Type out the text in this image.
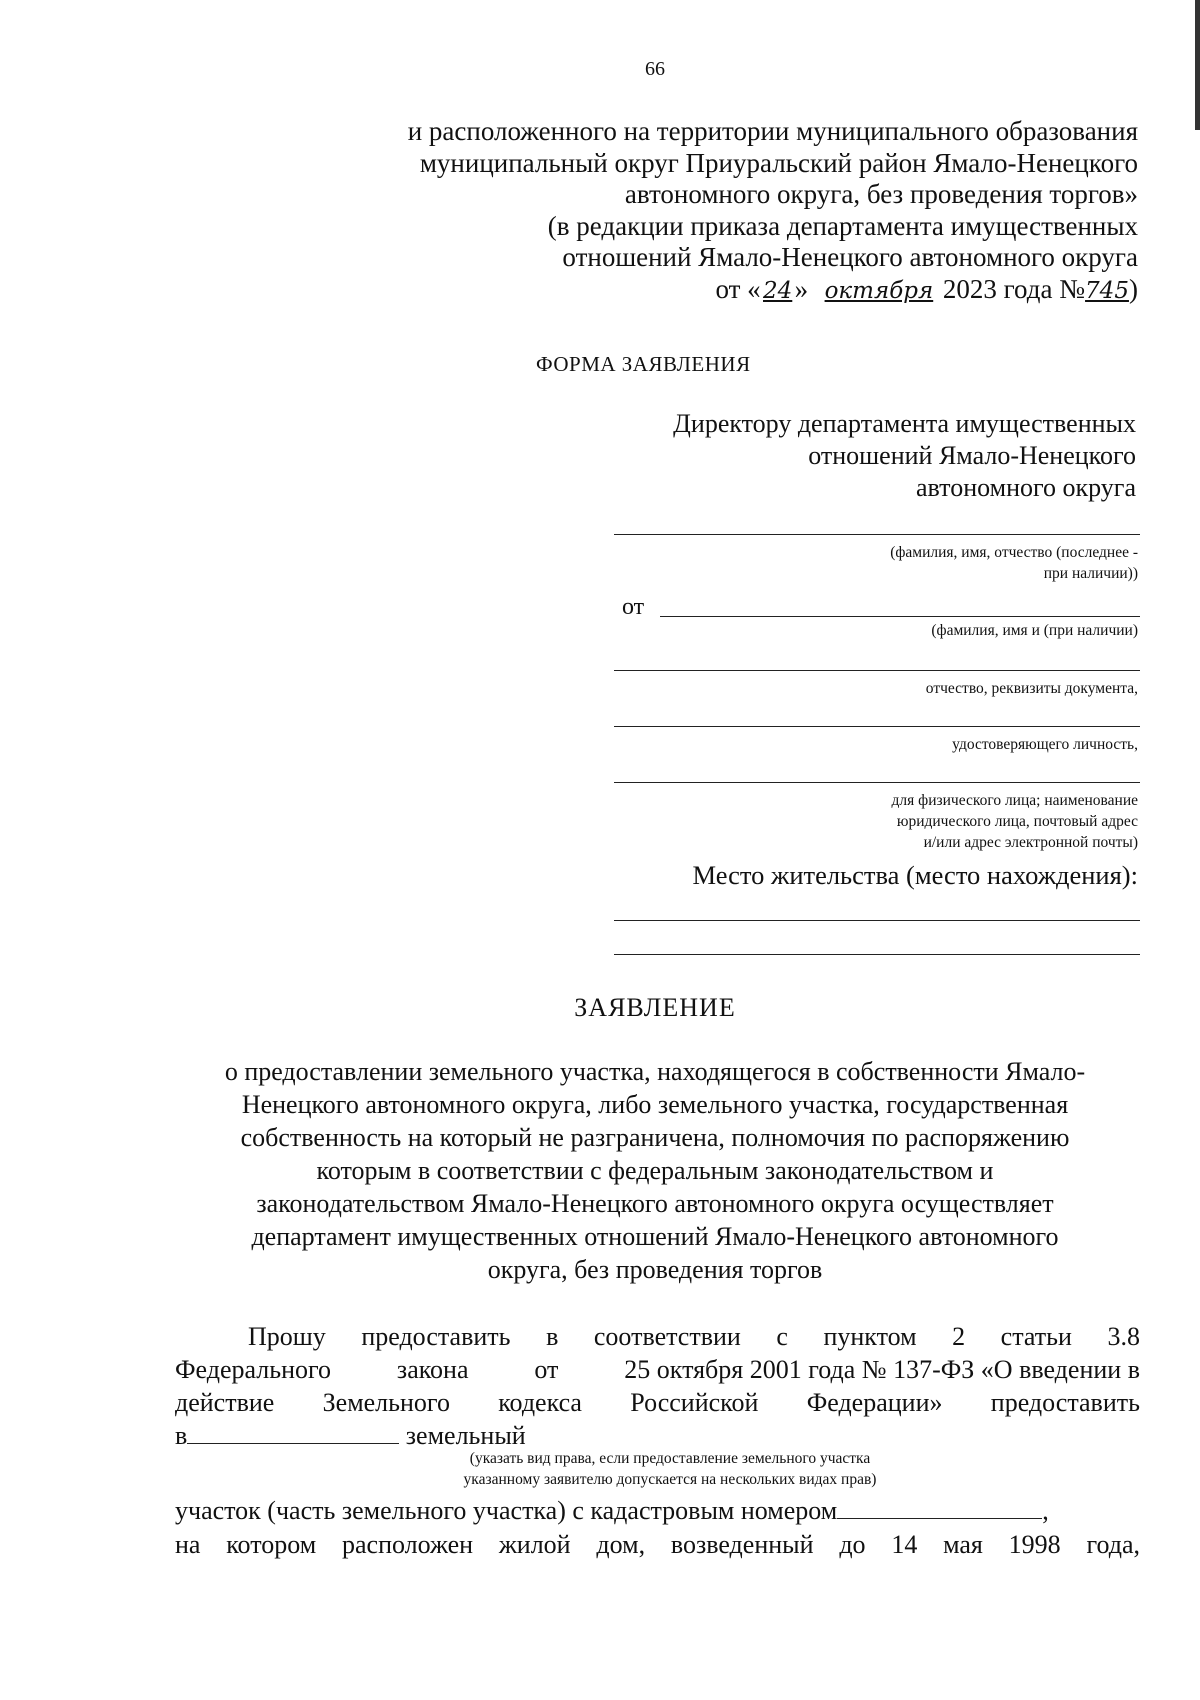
66
и расположенного на территории муниципального образования
муниципальный округ Приуральский район Ямало-Ненецкого
автономного округа, без проведения торгов»
(в редакции приказа департамента имущественных
отношений Ямало-Ненецкого автономного округа
от « 24» октября 2023 года №745)
ФОРМА ЗАЯВЛЕНИЯ
Директору департамента имущественных
отношений Ямало-Ненецкого
автономного округа
(фамилия, имя, отчество (последнее -
при наличии))
от
(фамилия, имя и (при наличии)
отчество, реквизиты документа,
удостоверяющего личность,
для физического лица; наименование
юридического лица, почтовый адрес
и/или адрес электронной почты)
Место жительства (место нахождения):
ЗАЯВЛЕНИЕ
о предоставлении земельного участка, находящегося в собственности Ямало-
Ненецкого автономного округа, либо земельного участка, государственная
собственность на который не разграничена, полномочия по распоряжению
которым в соответствии с федеральным законодательством и
законодательством Ямало-Ненецкого автономного округа осуществляет
департамент имущественных отношений Ямало-Ненецкого автономного
округа, без проведения торгов
Прошу предоставить в соответствии с пунктом 2 статьи 3.8
Федерального	закона	от	25 октября 2001 года № 137-ФЗ «О введении в
действие Земельного кодекса Российской Федерации» предоставить
в	земельный
(указать вид права, если предоставление земельного участка
указанному заявителю допускается на нескольких видах прав)
участок (часть земельного участка) с кадастровым номером	,
на котором расположен жилой дом, возведенный до 14 мая 1998 года,
